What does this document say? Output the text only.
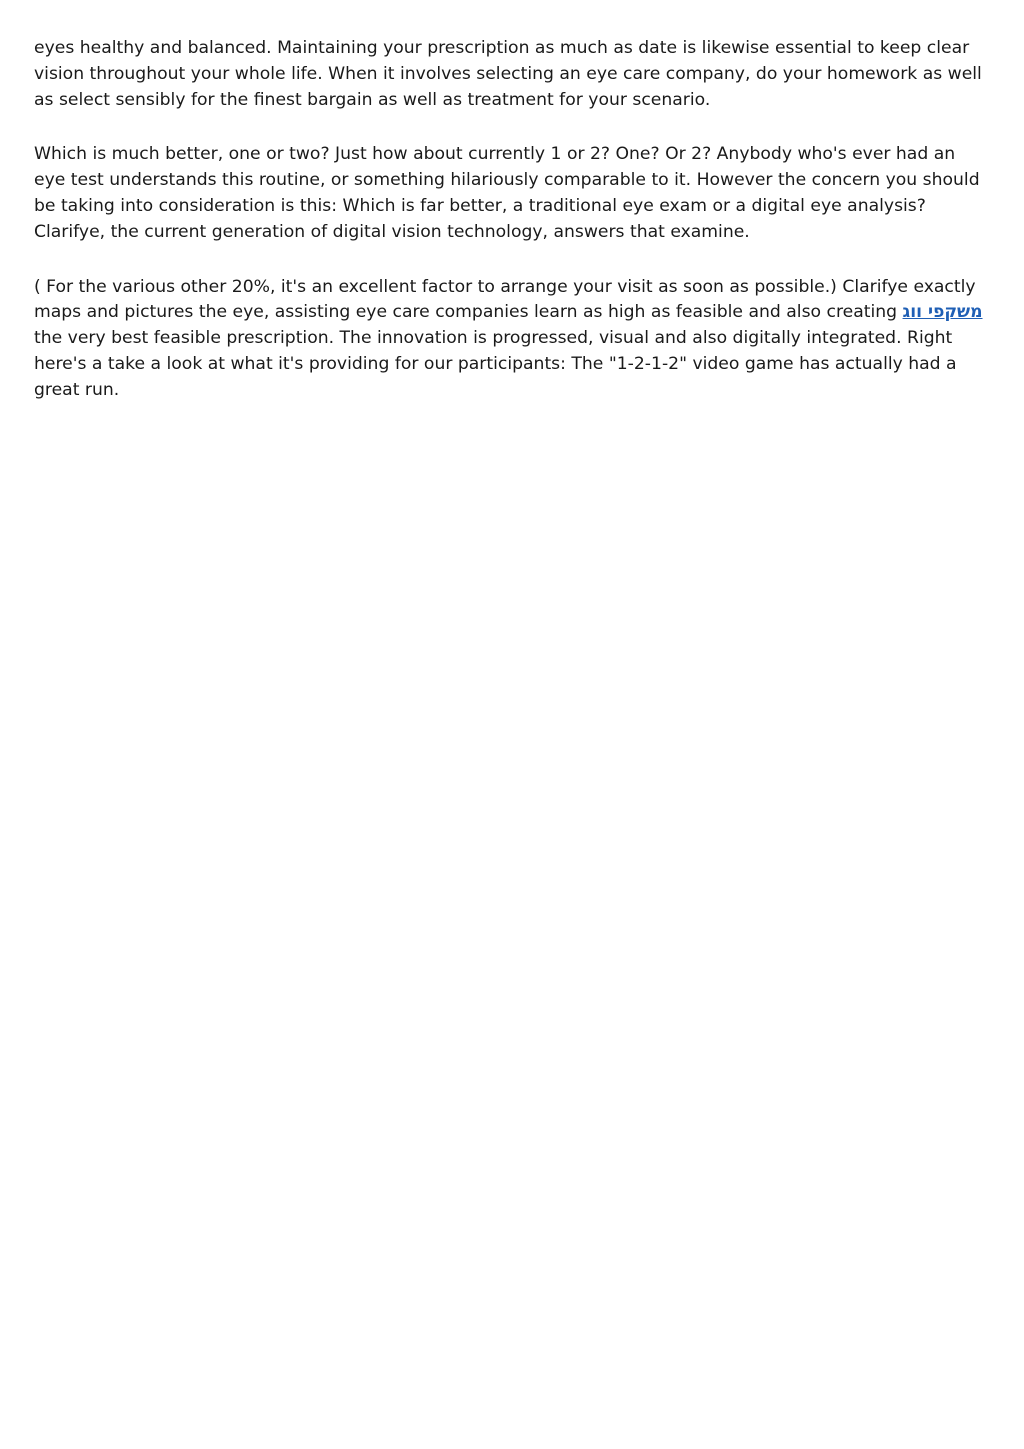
eyes healthy and balanced. Maintaining your prescription as much as date is likewise essential to keep clear vision throughout your whole life. When it involves selecting an eye care company, do your homework as well as select sensibly for the finest bargain as well as treatment for your scenario.

Which is much better, one or two? Just how about currently 1 or 2? One? Or 2? Anybody who's ever had an eye test understands this routine, or something hilariously comparable to it. However the concern you should be taking into consideration is this: Which is far better, a traditional eye exam or a digital eye analysis? Clarifye, the current generation of digital vision technology, answers that examine.

( For the various other 20%, it's an excellent factor to arrange your visit as soon as possible.) Clarifye exactly maps and pictures the eye, assisting eye care companies learn as high as feasible and also creating משקפי ווג the very best feasible prescription. The innovation is progressed, visual and also digitally integrated. Right here's a take a look at what it's providing for our participants: The "1-2-1-2" video game has actually had a great run.
